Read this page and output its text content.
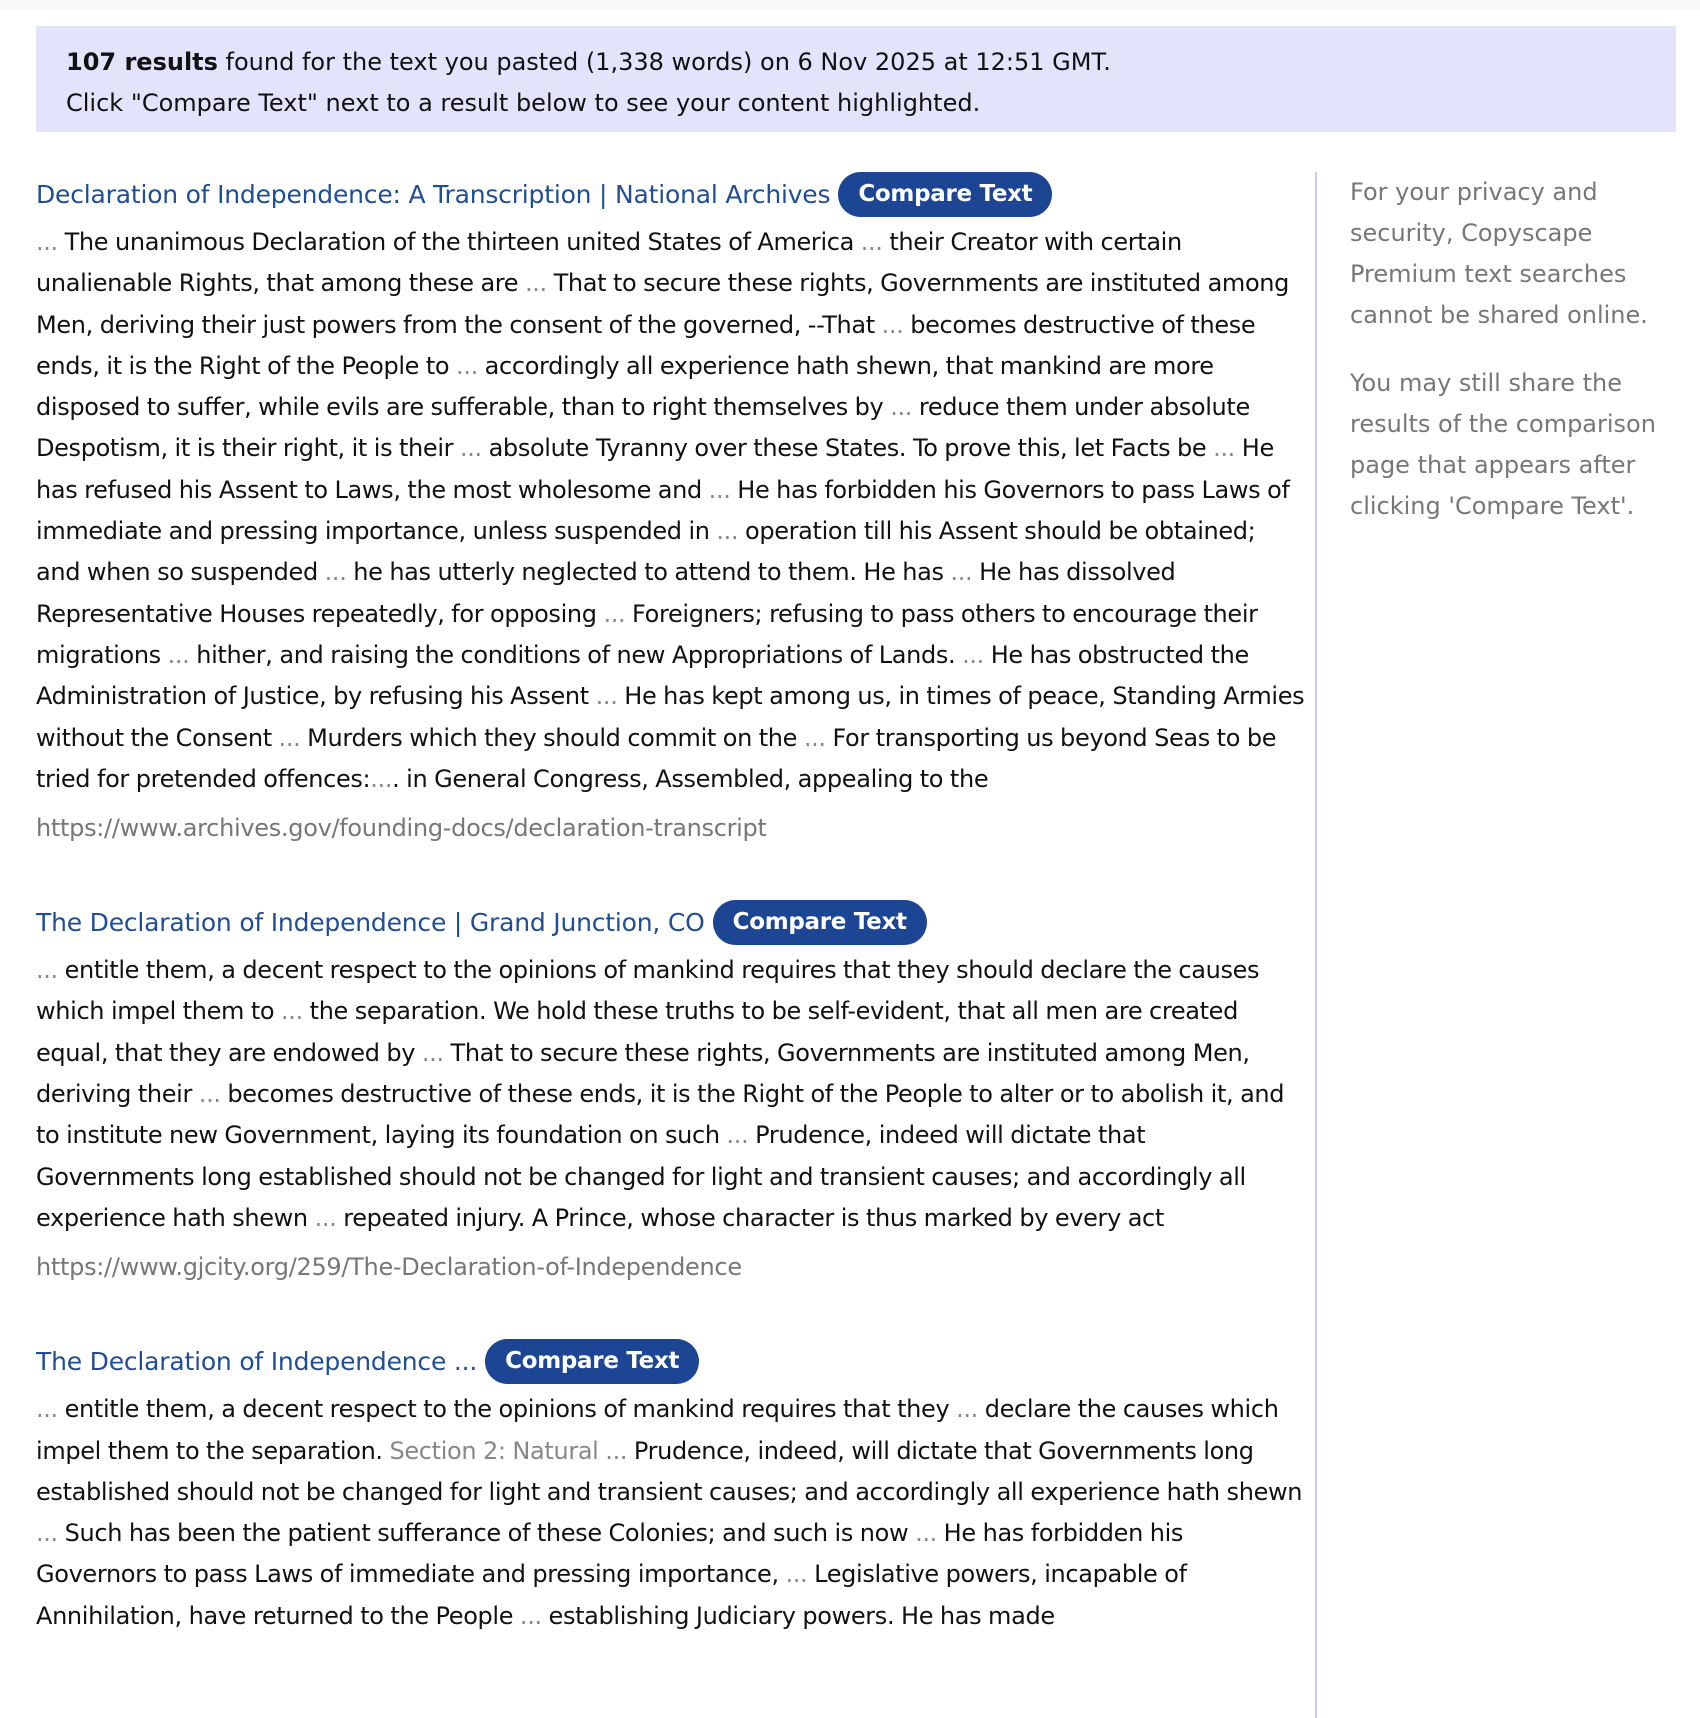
107 results found for the text you pasted (1,338 words) on 6 Nov 2025 at 12:51 GMT.
Click "Compare Text" next to a result below to see your content highlighted.
Declaration of Independence: A Transcription | National Archives	Compare Text

... The unanimous Declaration of the thirteen united States of America ... their Creator with certain unalienable Rights, that among these are ... That to secure these rights, Governments are instituted among Men, deriving their just powers from the consent of the governed, --That ... becomes destructive of these ends, it is the Right of the People to ... accordingly all experience hath shewn, that mankind are more disposed to suffer, while evils are sufferable, than to right themselves by ... reduce them under absolute Despotism, it is their right, it is their ... absolute Tyranny over these States. To prove this, let Facts be ... He has refused his Assent to Laws, the most wholesome and ... He has forbidden his Governors to pass Laws of immediate and pressing importance, unless suspended in ... operation till his Assent should be obtained; and when so suspended ... he has utterly neglected to attend to them. He has ... He has dissolved Representative Houses repeatedly, for opposing ... Foreigners; refusing to pass others to encourage their migrations ... hither, and raising the conditions of new Appropriations of Lands. ... He has obstructed the Administration of Justice, by refusing his Assent ... He has kept among us, in times of peace, Standing Armies without the Consent ... Murders which they should commit on the ... For transporting us beyond Seas to be tried for pretended offences:.... in General Congress, Assembled, appealing to the

https://www.archives.gov/founding-docs/declaration-transcript
The Declaration of Independence | Grand Junction, CO	Compare Text

... entitle them, a decent respect to the opinions of mankind requires that they should declare the causes which impel them to ... the separation. We hold these truths to be self-evident, that all men are created equal, that they are endowed by ... That to secure these rights, Governments are instituted among Men, deriving their ... becomes destructive of these ends, it is the Right of the People to alter or to abolish it, and to institute new Government, laying its foundation on such ... Prudence, indeed will dictate that Governments long established should not be changed for light and transient causes; and accordingly all experience hath shewn ... repeated injury. A Prince, whose character is thus marked by every act

https://www.gjcity.org/259/The-Declaration-of-Independence
The Declaration of Independence ...	Compare Text

... entitle them, a decent respect to the opinions of mankind requires that they ... declare the causes which impel them to the separation. Section 2: Natural ... Prudence, indeed, will dictate that Governments long established should not be changed for light and transient causes; and accordingly all experience hath shewn ... Such has been the patient sufferance of these Colonies; and such is now ... He has forbidden his Governors to pass Laws of immediate and pressing importance, ... Legislative powers, incapable of Annihilation, have returned to the People ... establishing Judiciary powers. He has made

For your privacy and security, Copyscape Premium text searches cannot be shared online.

You may still share the results of the comparison page that appears after clicking 'Compare Text'.
